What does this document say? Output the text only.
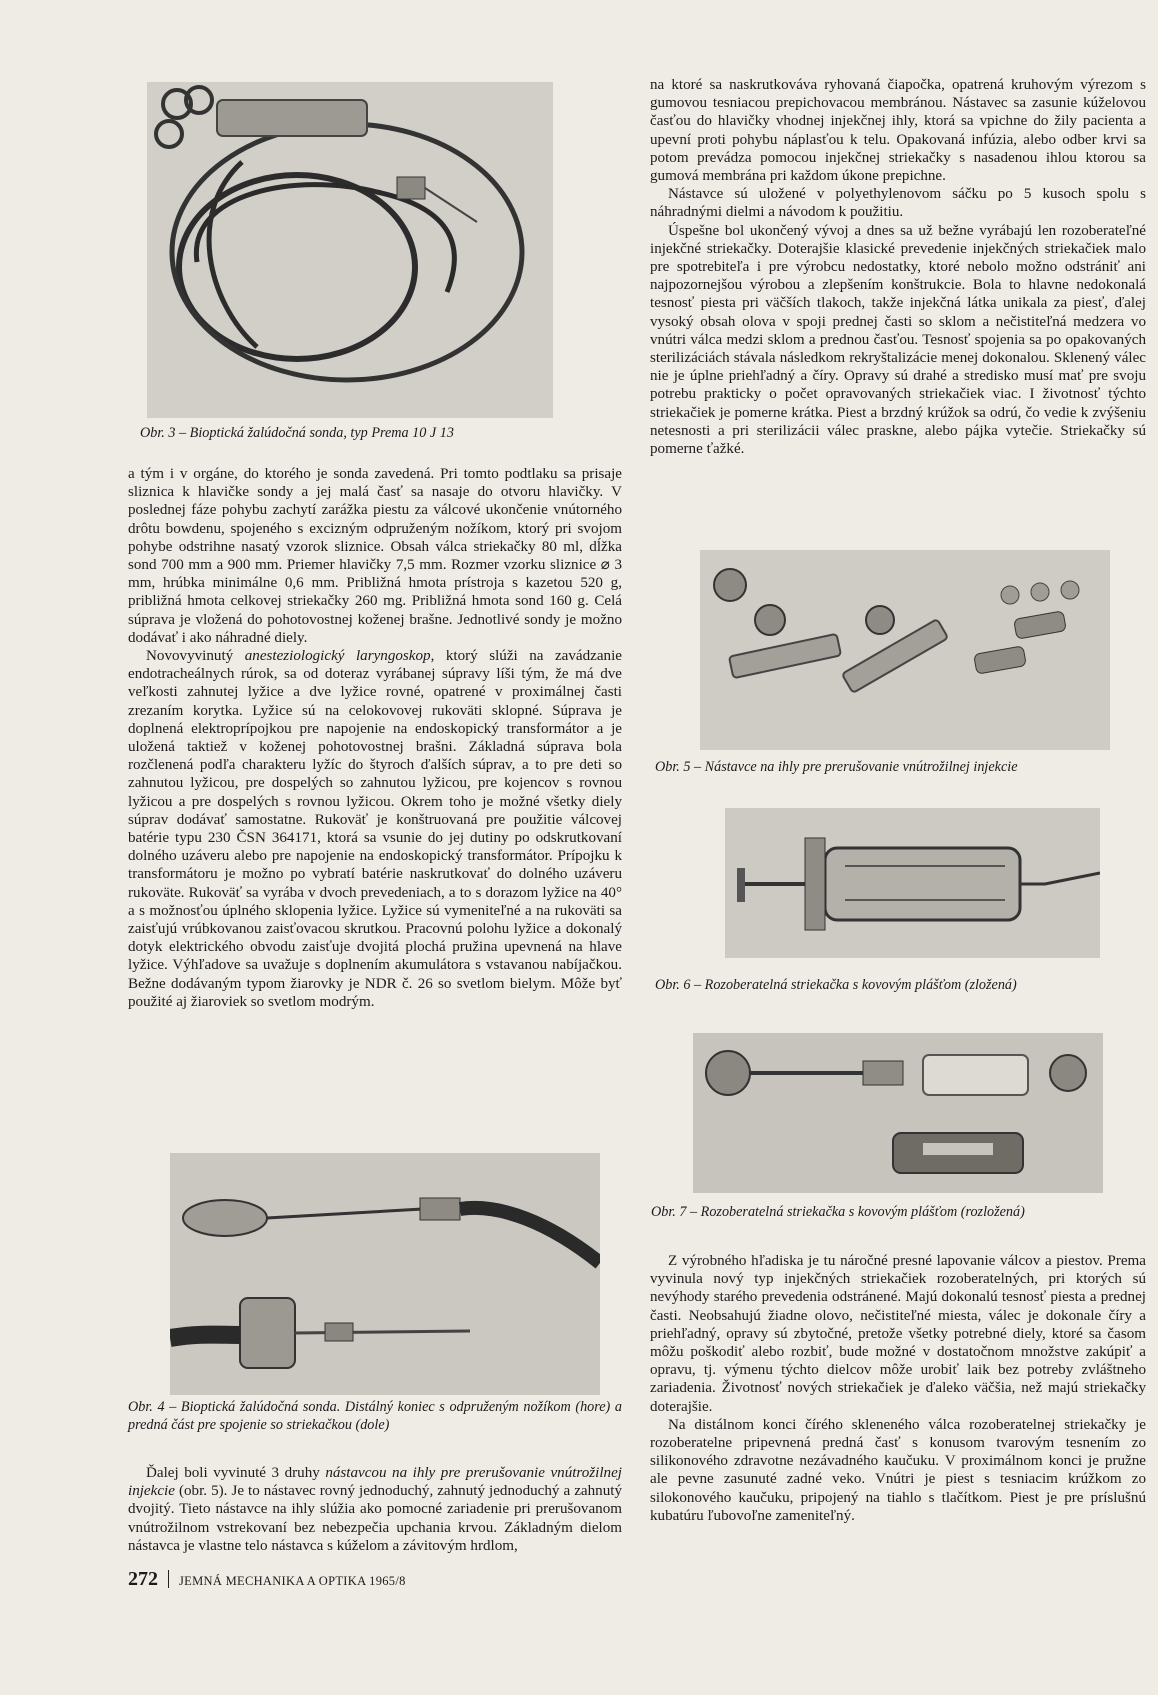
Obr. 3 – Bioptická žalúdočná sonda, typ Prema 10 J 13

a tým i v orgáne, do ktorého je sonda zavedená. Pri tomto podtlaku sa prisaje sliznica k hlavičke sondy a jej malá časť sa nasaje do otvoru hlavičky. V poslednej fáze pohybu zachytí zarážka piestu za válcové ukončenie vnútorného drôtu bowdenu, spojeného s excizným odpruženým nožíkom, ktorý pri svojom pohybe odstrihne nasatý vzorok sliznice. Obsah válca striekačky 80 ml, dĺžka sond 700 mm a 900 mm. Priemer hlavičky 7,5 mm. Rozmer vzorku sliznice ⌀ 3 mm, hrúbka minimálne 0,6 mm. Približná hmota prístroja s kazetou 520 g, približná hmota celkovej striekačky 260 mg. Približná hmota sond 160 g. Celá súprava je vložená do pohotovostnej koženej brašne. Jednotlivé sondy je možno dodávať i ako náhradné diely.

Novovyvinutý anesteziologický laryngoskop, ktorý slúži na zavádzanie endotracheálnych rúrok, sa od doteraz vyrábanej súpravy líši tým, že má dve veľkosti zahnutej lyžice a dve lyžice rovné, opatrené v proximálnej časti zrezaním korytka. Lyžice sú na celokovovej rukoväti sklopné. Súprava je doplnená elektroprípojkou pre napojenie na endoskopický transformátor a je uložená taktiež v koženej pohotovostnej brašni. Základná súprava bola rozčlenená podľa charakteru lyžíc do štyroch ďalších súprav, a to pre deti so zahnutou lyžicou, pre dospelých so zahnutou lyžicou, pre kojencov s rovnou lyžicou a pre dospelých s rovnou lyžicou. Okrem toho je možné všetky diely súprav dodávať samostatne. Rukoväť je konštruovaná pre použitie válcovej batérie typu 230 ČSN 364171, ktorá sa vsunie do jej dutiny po odskrutkovaní dolného uzáveru alebo pre napojenie na endoskopický transformátor. Prípojku k transformátoru je možno po vybratí batérie naskrutkovať do dolného uzáveru rukoväte. Rukoväť sa vyrába v dvoch prevedeniach, a to s dorazom lyžice na 40° a s možnosťou úplného sklopenia lyžice. Lyžice sú vymeniteľné a na rukoväti sa zaisťujú vrúbkovanou zaisťovacou skrutkou. Pracovnú polohu lyžice a dokonalý dotyk elektrického obvodu zaisťuje dvojitá plochá pružina upevnená na hlave lyžice. Výhľadove sa uvažuje s doplnením akumulátora s vstavanou nabíjačkou. Bežne dodávaným typom žiarovky je NDR č. 26 so svetlom bielym. Môže byť použité aj žiaroviek so svetlom modrým.

Obr. 4 – Bioptická žalúdočná sonda. Distálný koniec s odpruženým nožíkom (hore) a predná část pre spojenie so striekačkou (dole)

Ďalej boli vyvinuté 3 druhy nástavcou na ihly pre prerušovanie vnútrožilnej injekcie (obr. 5). Je to nástavec rovný jednoduchý, zahnutý jednoduchý a zahnutý dvojitý. Tieto nástavce na ihly slúžia ako pomocné zariadenie pri prerušovanom vnútrožilnom vstrekovaní bez nebezpečia upchania krvou. Základným dielom nástavca je vlastne telo nástavca s kúželom a závitovým hrdlom,

na ktoré sa naskrutkováva ryhovaná čiapočka, opatrená kruhovým výrezom s gumovou tesniacou prepichovacou membránou. Nástavec sa zasunie kúželovou časťou do hlavičky vhodnej injekčnej ihly, ktorá sa vpichne do žily pacienta a upevní proti pohybu náplasťou k telu. Opakovaná infúzia, alebo odber krvi sa potom prevádza pomocou injekčnej striekačky s nasadenou ihlou ktorou sa gumová membrána pri každom úkone prepichne.

Nástavce sú uložené v polyethylenovom sáčku po 5 kusoch spolu s náhradnými dielmi a návodom k použitiu.

Úspešne bol ukončený vývoj a dnes sa už bežne vyrábajú len rozoberateľné injekčné striekačky. Doterajšie klasické prevedenie injekčných striekačiek malo pre spotrebiteľa i pre výrobcu nedostatky, ktoré nebolo možno odstrániť ani najpozornejšou výrobou a zlepšením konštrukcie. Bola to hlavne nedokonalá tesnosť piesta pri väčších tlakoch, takže injekčná látka unikala za piesť, ďalej vysoký obsah olova v spoji prednej časti so sklom a nečistiteľná medzera vo vnútri válca medzi sklom a prednou časťou. Tesnosť spojenia sa po opakovaných sterilizáciách stávala následkom rekryštalizácie menej dokonalou. Sklenený válec nie je úplne priehľadný a číry. Opravy sú drahé a stredisko musí mať pre svoju potrebu prakticky o počet opravovaných striekačiek viac. I životnosť týchto striekačiek je pomerne krátka. Piest a brzdný krúžok sa odrú, čo vedie k zvýšeniu netesnosti a pri sterilizácii válec praskne, alebo pájka vytečie. Striekačky sú pomerne ťažké.

Obr. 5 – Nástavce na ihly pre prerušovanie vnútrožilnej injekcie
Obr. 6 – Rozoberatelná striekačka s kovovým plášťom (zložená)
Obr. 7 – Rozoberatelná striekačka s kovovým plášťom (rozložená)

Z výrobného hľadiska je tu náročné presné lapovanie válcov a piestov. Prema vyvinula nový typ injekčných striekačiek rozoberatelných, pri ktorých sú nevýhody starého prevedenia odstránené. Majú dokonalú tesnosť piesta a prednej časti. Neobsahujú žiadne olovo, nečistiteľné miesta, válec je dokonale číry a priehľadný, opravy sú zbytočné, pretože všetky potrebné diely, ktoré sa časom môžu poškodiť alebo rozbiť, bude možné v dostatočnom množstve zakúpiť a opravu, tj. výmenu týchto dielcov môže urobiť laik bez potreby zvláštneho zariadenia. Životnosť nových striekačiek je ďaleko väčšia, než majú striekačky doterajšie.

Na distálnom konci čírého skleneného válca rozoberatelnej striekačky je rozoberatelne pripevnená predná časť s konusom tvarovým tesnením zo silikonového zdravotne nezávadného kaučuku. V proximálnom konci je pružne ale pevne zasunuté zadné veko. Vnútri je piest s tesniacim krúžkom zo silokonového kaučuku, pripojený na tiahlo s tlačítkom. Piest je pre príslušnú kubatúru ľubovoľne zameniteľný.

272 JEMNÁ MECHANIKA A OPTIKA 1965/8
